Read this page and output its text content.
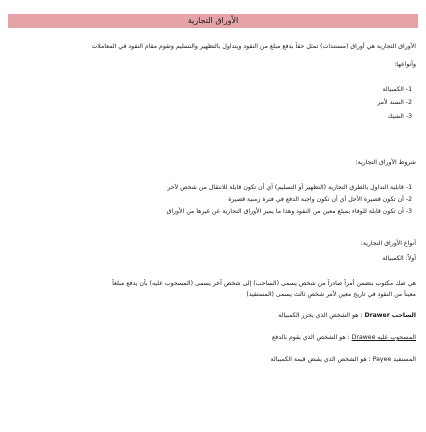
الأوراق التجارية
الأوراق التجارية هي أوراق (مستندات) تمثل حقاً بدفع مبلغ من النقود ويتداول بالتظهير والتسليم وتقوم مقام النقود في المعاملات
وأنواعها:
1- الكمبيالة
2- السند لأمر
3- الشيك
شروط الأوراق التجارية:
1- قابلية التداول بالطرق التجارية (التظهير أو التسليم) أي أن تكون قابلة للانتقال من شخص لآخر
2- أن تكون قصيرة الأجل أي أن تكون واجبة الدفع في فترة زمنية قصيرة
3- أن تكون قابلة للوفاء بمبلغ معين من النقود وهذا ما يميز الأوراق التجارية عن غيرها من الأوراق
أنواع الأوراق التجارية:
أولاً: الكمبيالة
هي صك مكتوب يتضمن أمراً صادراً من شخص يسمى (الساحب) إلى شخص آخر يسمى (المسحوب عليه) بأن يدفع مبلغاً
معيناً من النقود في تاريخ معين لأمر شخص ثالث يسمى (المستفيد)
الساحب Drawer : هو الشخص الذي يحرر الكمبيالة
المسحوب عليه Drawee : هو الشخص الذي يقوم بالدفع
المستفيد Payee : هو الشخص الذي يقبض قيمة الكمبيالة
